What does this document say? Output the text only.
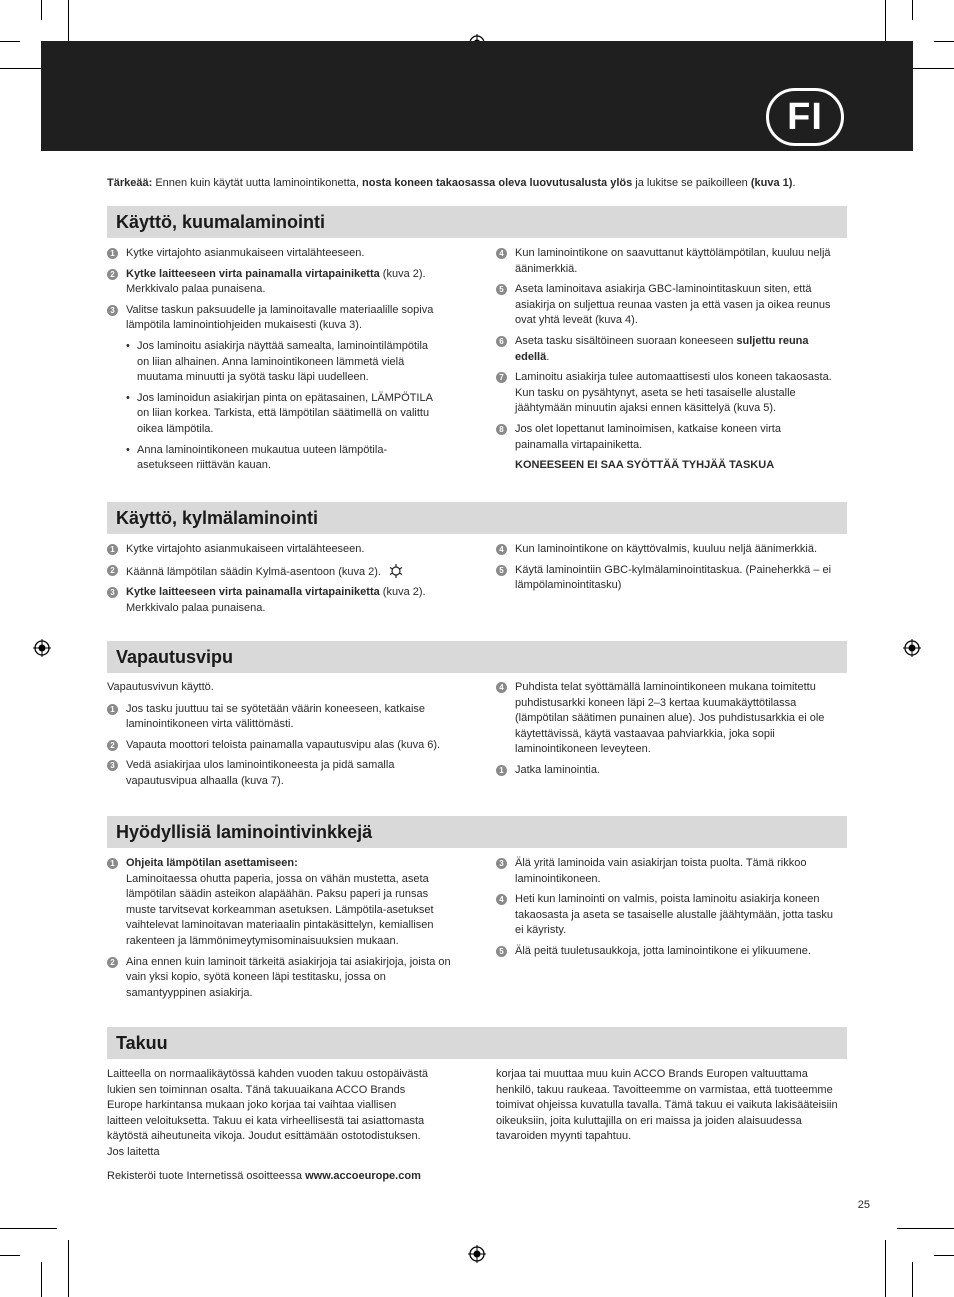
FI
Tärkeää: Ennen kuin käytät uutta laminointikonetta, nosta koneen takaosassa oleva luovutusalusta ylös ja lukitse se paikoilleen (kuva 1).
Käyttö, kuumalaminointi
1 Kytke virtajohto asianmukaiseen virtalähteeseen.
2 Kytke laitteeseen virta painamalla virtapainiketta (kuva 2). Merkkivalo palaa punaisena.
3 Valitse taskun paksuudelle ja laminoitavalle materiaalille sopiva lämpötila laminointiohjeiden mukaisesti (kuva 3).
• Jos laminoitu asiakirja näyttää samealta, laminointilämpötila on liian alhainen. Anna laminointikoneen lämmetä vielä muutama minuutti ja syötä tasku läpi uudelleen.
• Jos laminoidun asiakirjan pinta on epätasainen, LÄMPÖTILA on liian korkea. Tarkista, että lämpötilan säätimellä on valittu oikea lämpötila.
• Anna laminointikoneen mukautua uuteen lämpötila-asetukseen riittävän kauan.
4 Kun laminointikone on saavuttanut käyttölämpötilan, kuuluu neljä äänimerkkiä.
5 Aseta laminoitava asiakirja GBC-laminointitaskuun siten, että asiakirja on suljettua reunaa vasten ja että vasen ja oikea reunus ovat yhtä leveät (kuva 4).
6 Aseta tasku sisältöineen suoraan koneeseen suljettu reuna edellä.
7 Laminoitu asiakirja tulee automaattisesti ulos koneen takaosasta. Kun tasku on pysähtynyt, aseta se heti tasaiselle alustalle jäähtymään minuutin ajaksi ennen käsittelyä (kuva 5).
8 Jos olet lopettanut laminoimisen, katkaise koneen virta painamalla virtapainiketta.
KONEESEEN EI SAA SYÖTTÄÄ TYHJÄÄ TASKUA
Käyttö, kylmälaminointi
1 Kytke virtajohto asianmukaiseen virtalähteeseen.
2 Käännä lämpötilan säädin Kylmä-asentoon (kuva 2).
3 Kytke laitteeseen virta painamalla virtapainiketta (kuva 2). Merkkivalo palaa punaisena.
4 Kun laminointikone on käyttövalmis, kuuluu neljä äänimerkkiä.
5 Käytä laminointiin GBC-kylmälaminointitaskua. (Paineherkkä – ei lämpölaminointitasku)
Vapautusvipu
Vapautusvivun käyttö.
1 Jos tasku juuttuu tai se syötetään väärin koneeseen, katkaise laminointikoneen virta välittömästi.
2 Vapauta moottori teloista painamalla vapautusvipu alas (kuva 6).
3 Vedä asiakirjaa ulos laminointikoneesta ja pidä samalla vapautusvipua alhaalla (kuva 7).
4 Puhdista telat syöttämällä laminointikoneen mukana toimitettu puhdistusarkki koneen läpi 2–3 kertaa kuumakäyttötilassa (lämpötilan säätimen punainen alue). Jos puhdistusarkkia ei ole käytettävissä, käytä vastaavaa pahviarkkia, joka sopii laminointikoneen leveyteen.
1 Jatka laminointia.
Hyödyllisiä laminointivinkkejä
1 Ohjeita lämpötilan asettamiseen:
Laminoitaessa ohutta paperia, jossa on vähän mustetta, aseta lämpötilan säädin asteikon alapäähän. Paksu paperi ja runsas muste tarvitsevat korkeamman asetuksen. Lämpötila-asetukset vaihtelevat laminoitavan materiaalin pintakäsittelyn, kemiallisen rakenteen ja lämmönimeytymisominaisuuksien mukaan.
2 Aina ennen kuin laminoit tärkeitä asiakirjoja tai asiakirjoja, joista on vain yksi kopio, syötä koneen läpi testitasku, jossa on samantyyppinen asiakirja.
3 Älä yritä laminoida vain asiakirjan toista puolta. Tämä rikkoo laminointikoneen.
4 Heti kun laminointi on valmis, poista laminoitu asiakirja koneen takaosasta ja aseta se tasaiselle alustalle jäähtymään, jotta tasku ei käyristy.
5 Älä peitä tuuletusaukkoja, jotta laminointikone ei ylikuumene.
Takuu
Laitteella on normaalikäytössä kahden vuoden takuu ostopäivästä lukien sen toiminnan osalta. Tänä takuuaikana ACCO Brands Europe harkintansa mukaan joko korjaa tai vaihtaa viallisen laitteen veloituksetta. Takuu ei kata virheellisestä tai asiattomasta käytöstä aiheutuneita vikoja. Joudut esittämään ostotodistuksen. Jos laitetta
Rekisteröi tuote Internetissä osoitteessa www.accoeurope.com
korjaa tai muuttaa muu kuin ACCO Brands Europen valtuuttama henkilö, takuu raukeaa. Tavoitteemme on varmistaa, että tuotteemme toimivat ohjeissa kuvatulla tavalla. Tämä takuu ei vaikuta lakisääteisiin oikeuksiin, joita kuluttajilla on eri maissa ja joiden alaisuudessa tavaroiden myynti tapahtuu.
25
